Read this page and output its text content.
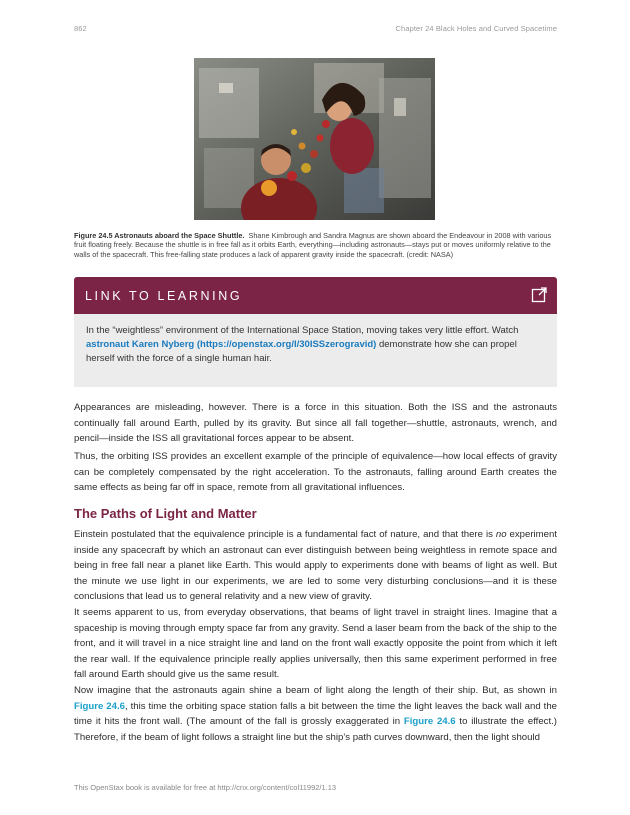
862	Chapter 24 Black Holes and Curved Spacetime
Figure 24.5 Astronauts aboard the Space Shuttle. Shane Kimbrough and Sandra Magnus are shown aboard the Endeavour in 2008 with various fruit floating freely. Because the shuttle is in free fall as it orbits Earth, everything—including astronauts—stays put or moves uniformly relative to the walls of the spacecraft. This free-falling state produces a lack of apparent gravity inside the spacecraft. (credit: NASA)
LINK TO LEARNING
In the “weightless” environment of the International Space Station, moving takes very little effort. Watch astronaut Karen Nyberg (https://openstax.org/l/30ISSzerogravid) demonstrate how she can propel herself with the force of a single human hair.
Appearances are misleading, however. There is a force in this situation. Both the ISS and the astronauts continually fall around Earth, pulled by its gravity. But since all fall together—shuttle, astronauts, wrench, and pencil—inside the ISS all gravitational forces appear to be absent.
Thus, the orbiting ISS provides an excellent example of the principle of equivalence—how local effects of gravity can be completely compensated by the right acceleration. To the astronauts, falling around Earth creates the same effects as being far off in space, remote from all gravitational influences.
The Paths of Light and Matter
Einstein postulated that the equivalence principle is a fundamental fact of nature, and that there is no experiment inside any spacecraft by which an astronaut can ever distinguish between being weightless in remote space and being in free fall near a planet like Earth. This would apply to experiments done with beams of light as well. But the minute we use light in our experiments, we are led to some very disturbing conclusions—and it is these conclusions that lead us to general relativity and a new view of gravity.
It seems apparent to us, from everyday observations, that beams of light travel in straight lines. Imagine that a spaceship is moving through empty space far from any gravity. Send a laser beam from the back of the ship to the front, and it will travel in a nice straight line and land on the front wall exactly opposite the point from which it left the rear wall. If the equivalence principle really applies universally, then this same experiment performed in free fall around Earth should give us the same result.
Now imagine that the astronauts again shine a beam of light along the length of their ship. But, as shown in Figure 24.6, this time the orbiting space station falls a bit between the time the light leaves the back wall and the time it hits the front wall. (The amount of the fall is grossly exaggerated in Figure 24.6 to illustrate the effect.) Therefore, if the beam of light follows a straight line but the ship’s path curves downward, then the light should
This OpenStax book is available for free at http://cnx.org/content/col11992/1.13
